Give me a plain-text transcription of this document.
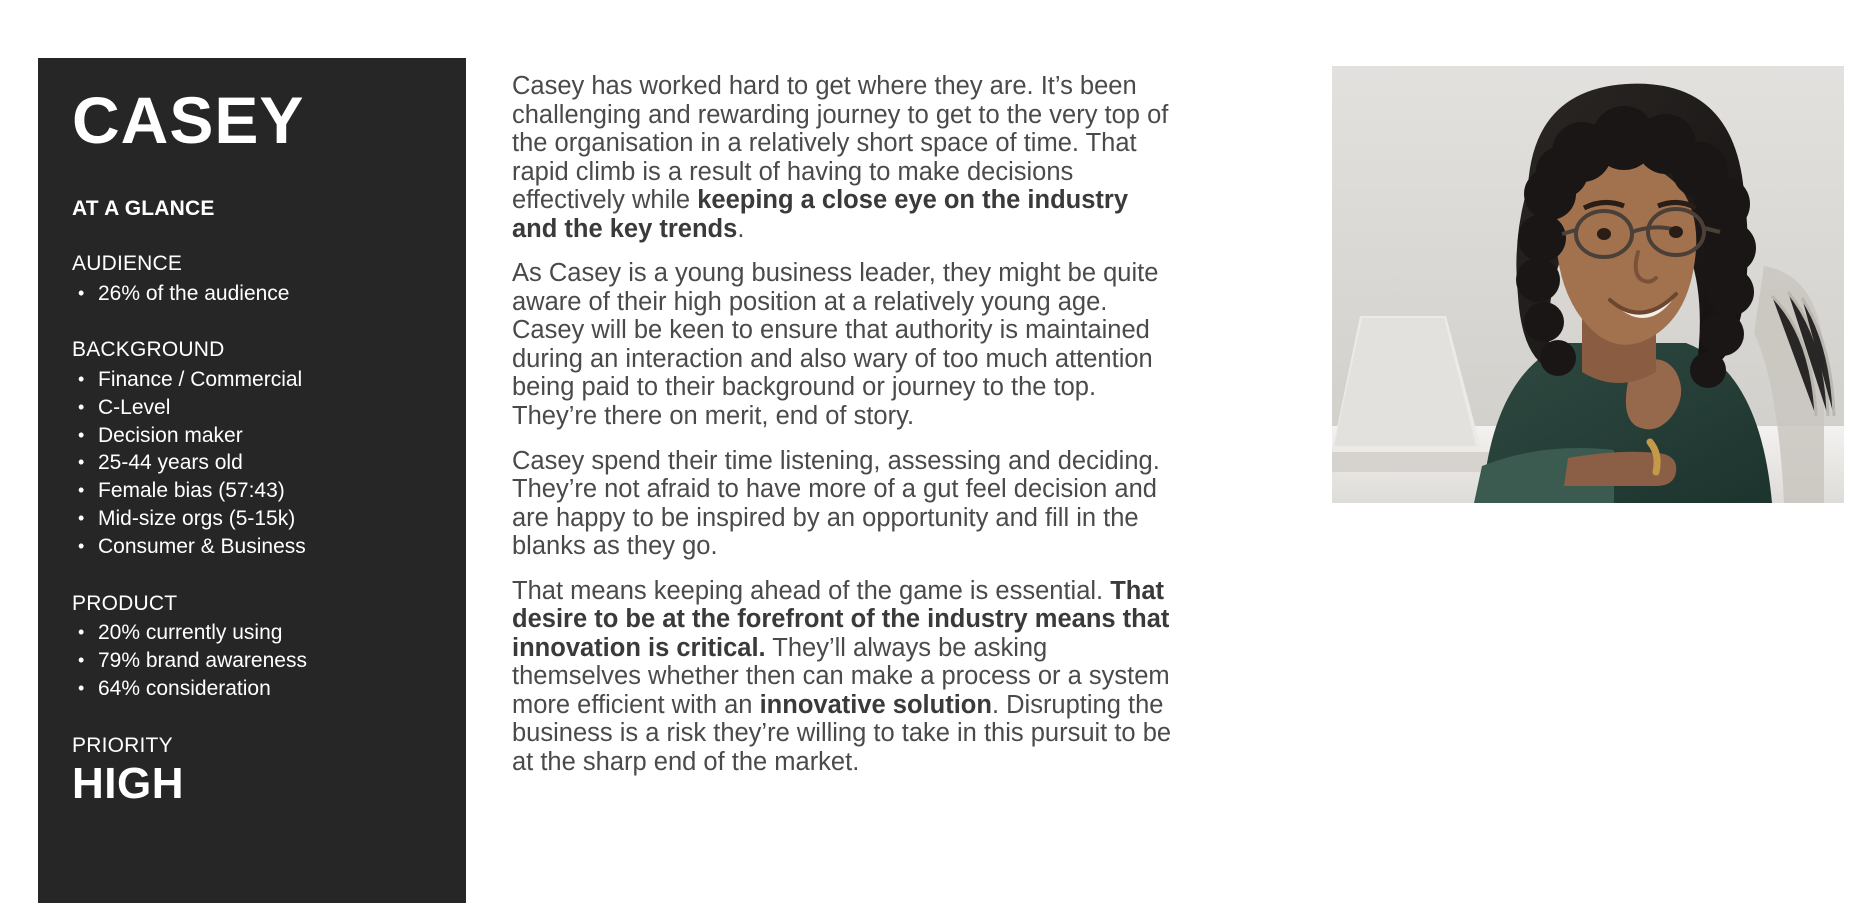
CASEY
AT A GLANCE
AUDIENCE
• 26% of the audience
BACKGROUND
• Finance / Commercial
• C-Level
• Decision maker
• 25-44 years old
• Female bias (57:43)
• Mid-size orgs (5-15k)
• Consumer & Business
PRODUCT
• 20% currently using
• 79% brand awareness
• 64% consideration
PRIORITY
HIGH

Casey has worked hard to get where they are. It’s been challenging and rewarding journey to get to the very top of the organisation in a relatively short space of time. That rapid climb is a result of having to make decisions effectively while keeping a close eye on the industry and the key trends.

As Casey is a young business leader, they might be quite aware of their high position at a relatively young age. Casey will be keen to ensure that authority is maintained during an interaction and also wary of too much attention being paid to their background or journey to the top. They’re there on merit, end of story.

Casey spend their time listening, assessing and deciding. They’re not afraid to have more of a gut feel decision and are happy to be inspired by an opportunity and fill in the blanks as they go.

That means keeping ahead of the game is essential. That desire to be at the forefront of the industry means that innovation is critical. They’ll always be asking themselves whether then can make a process or a system more efficient with an innovative solution. Disrupting the business is a risk they’re willing to take in this pursuit to be at the sharp end of the market.
